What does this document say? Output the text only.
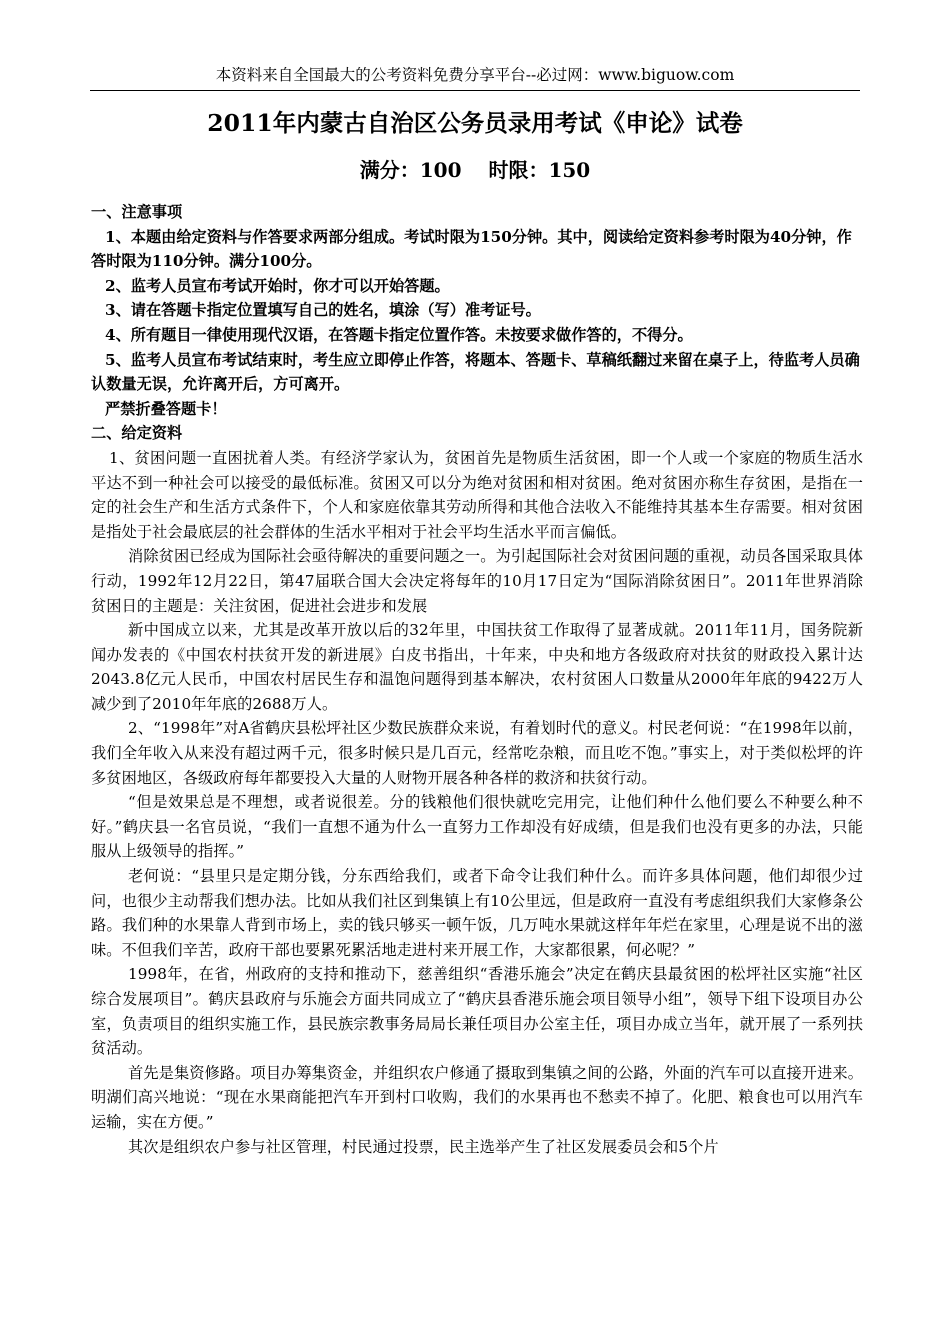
本资料来自全国最大的公考资料免费分享平台--必过网：www.biguow.com
2011年内蒙古自治区公务员录用考试《申论》试卷
满分：100　 时限：150

一、注意事项

1、本题由给定资料与作答要求两部分组成。考试时限为150分钟。其中，阅读给定资料参考时限为40分钟，作答时限为110分钟。满分100分。

2、监考人员宣布考试开始时，你才可以开始答题。

3、请在答题卡指定位置填写自己的姓名，填涂（写）准考证号。

4、所有题目一律使用现代汉语，在答题卡指定位置作答。未按要求做作答的，不得分。

5、监考人员宣布考试结束时，考生应立即停止作答，将题本、答题卡、草稿纸翻过来留在桌子上，待监考人员确认数量无误，允许离开后，方可离开。

严禁折叠答题卡！

二、给定资料

1、贫困问题一直困扰着人类。有经济学家认为，贫困首先是物质生活贫困，即一个人或一个家庭的物质生活水平达不到一种社会可以接受的最低标准。贫困又可以分为绝对贫困和相对贫困。绝对贫困亦称生存贫困，是指在一定的社会生产和生活方式条件下，个人和家庭依靠其劳动所得和其他合法收入不能维持其基本生存需要。相对贫困是指处于社会最底层的社会群体的生活水平相对于社会平均生活水平而言偏低。

消除贫困已经成为国际社会亟待解决的重要问题之一。为引起国际社会对贫困问题的重视，动员各国采取具体行动，1992年12月22日，第47届联合国大会决定将每年的10月17日定为“国际消除贫困日”。2011年世界消除贫困日的主题是：关注贫困，促进社会进步和发展

新中国成立以来，尤其是改革开放以后的32年里，中国扶贫工作取得了显著成就。2011年11月，国务院新闻办发表的《中国农村扶贫开发的新进展》白皮书指出，十年来，中央和地方各级政府对扶贫的财政投入累计达2043.8亿元人民币，中国农村居民生存和温饱问题得到基本解决，农村贫困人口数量从2000年年底的9422万人减少到了2010年年底的2688万人。

2、“1998年”对A省鹤庆县松坪社区少数民族群众来说，有着划时代的意义。村民老何说：“在1998年以前，我们全年收入从来没有超过两千元，很多时候只是几百元，经常吃杂粮，而且吃不饱。”事实上，对于类似松坪的许多贫困地区，各级政府每年都要投入大量的人财物开展各种各样的救济和扶贫行动。

“但是效果总是不理想，或者说很差。分的钱粮他们很快就吃完用完，让他们种什么他们要么不种要么种不好。”鹤庆县一名官员说，“我们一直想不通为什么一直努力工作却没有好成绩，但是我们也没有更多的办法，只能服从上级领导的指挥。”

老何说：“县里只是定期分钱，分东西给我们，或者下命令让我们种什么。而许多具体问题，他们却很少过问，也很少主动帮我们想办法。比如从我们社区到集镇上有10公里远，但是政府一直没有考虑组织我们大家修条公路。我们种的水果靠人背到市场上，卖的钱只够买一顿午饭，几万吨水果就这样年年烂在家里，心理是说不出的滋味。不但我们辛苦，政府干部也要累死累活地走进村来开展工作，大家都很累，何必呢？”

1998年，在省，州政府的支持和推动下，慈善组织“香港乐施会”决定在鹤庆县最贫困的松坪社区实施“社区综合发展项目”。鹤庆县政府与乐施会方面共同成立了“鹤庆县香港乐施会项目领导小组”，领导下组下设项目办公室，负责项目的组织实施工作，县民族宗教事务局局长兼任项目办公室主任，项目办成立当年，就开展了一系列扶贫活动。

首先是集资修路。项目办筹集资金，并组织农户修通了摄取到集镇之间的公路，外面的汽车可以直接开进来。明湖们高兴地说：“现在水果商能把汽车开到村口收购，我们的水果再也不愁卖不掉了。化肥、粮食也可以用汽车运输，实在方便。”

其次是组织农户参与社区管理，村民通过投票，民主选举产生了社区发展委员会和5个片
